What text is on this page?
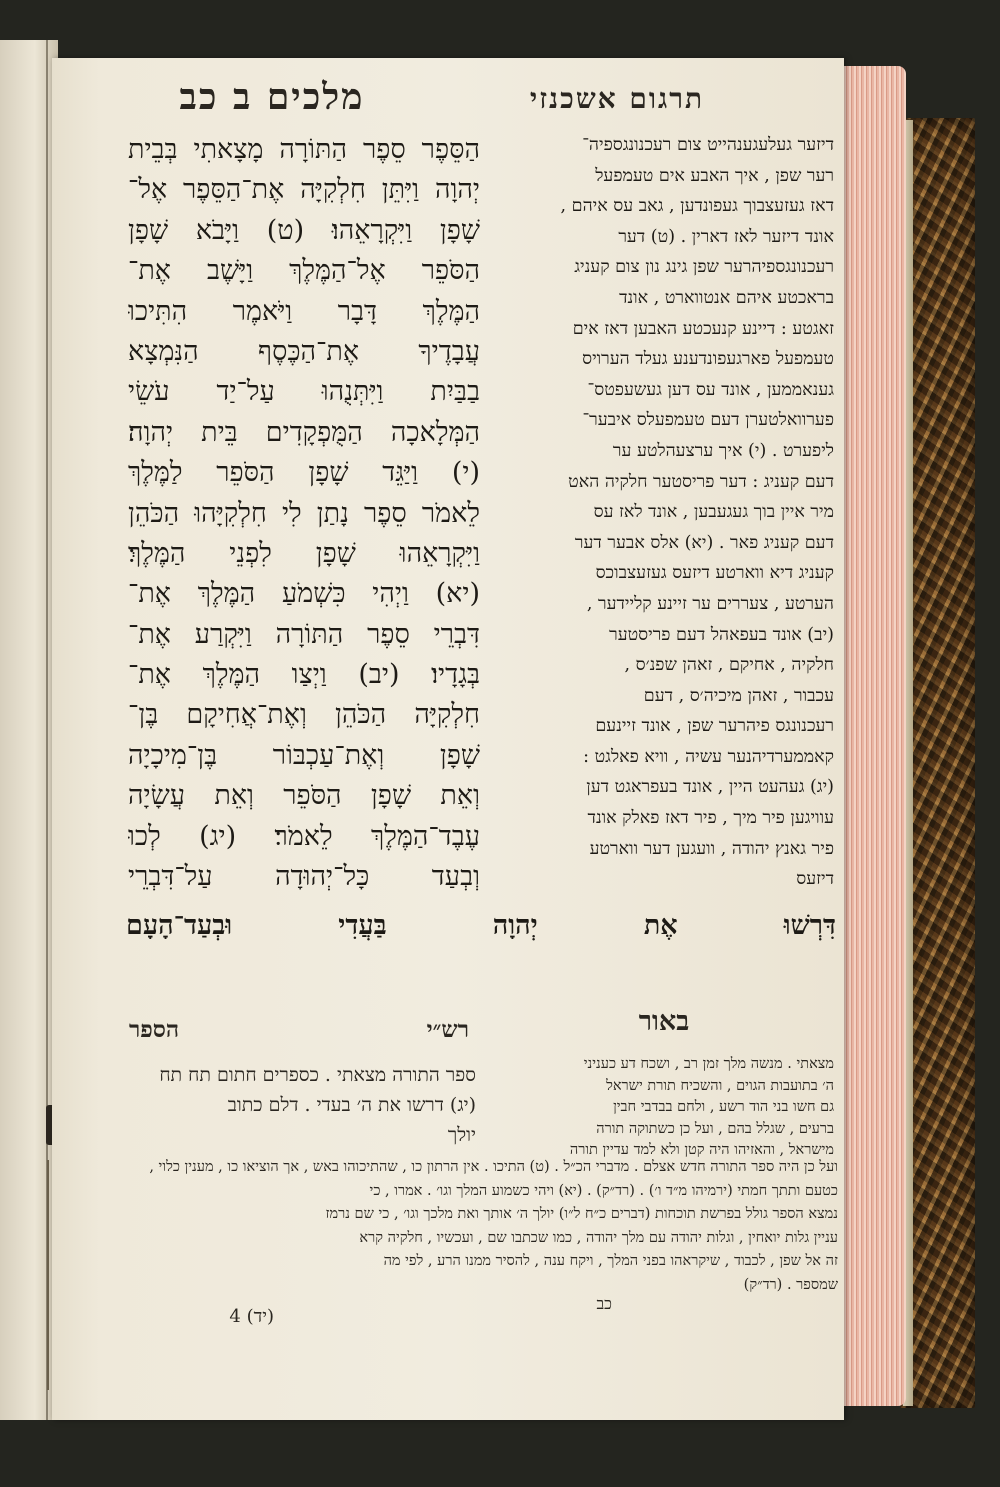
תרגום אשכנזי
מלכים ב כב
הַסֵּפֶר סֵפֶר הַתּוֹרָה מָצָאתִי בְּבֵית
יְהוָה וַיִּתֵּן חִלְקִיָּה אֶת־הַסֵּפֶר אֶל־
שָׁפָן וַיִּקְרָאֵהוּ׃ (ט) וַיָּבֹא שָׁפָן
הַסֹּפֵר אֶל־הַמֶּלֶךְ וַיָּשֶׁב אֶת־
הַמֶּלֶךְ דָּבָר וַיֹּאמֶר הִתִּיכוּ
עֲבָדֶיךָ אֶת־הַכֶּסֶף הַנִּמְצָא
בַבַּיִת וַיִּתְּנֻהוּ עַל־יַד עֹשֵׂי
הַמְּלָאכָה הַמֻּפְקָדִים בֵּית יְהוָה׃
(י) וַיַּגֵּד שָׁפָן הַסֹּפֵר לַמֶּלֶךְ
לֵאמֹר סֵפֶר נָתַן לִי חִלְקִיָּהוּ הַכֹּהֵן
וַיִּקְרָאֵהוּ שָׁפָן לִפְנֵי הַמֶּלֶךְ׃
(יא) וַיְהִי כִּשְׁמֹעַ הַמֶּלֶךְ אֶת־
דִּבְרֵי סֵפֶר הַתּוֹרָה וַיִּקְרַע אֶת־
בְּגָדָיו׃ (יב) וַיְצַו הַמֶּלֶךְ אֶת־
חִלְקִיָּה הַכֹּהֵן וְאֶת־אֲחִיקָם בֶּן־
שָׁפָן וְאֶת־עַכְבּוֹר בֶּן־מִיכָיָה
וְאֵת שָׁפָן הַסֹּפֵר וְאֵת עֲשָׂיָה
עֶבֶד־הַמֶּלֶךְ לֵאמֹר׃ (יג) לְכוּ
וְבְעַד כָּל־יְהוּדָה עַל־דִּבְרֵי
דיזער געלעגענהייט צום רעכנונגספיה־
רער שפן , איך האבע אים טעמפעל
דאז געזעצבוך געפונדען , גאב עס איהם ,
אונד דיזער לאז דארין . (ט) דער
רעכנונגספיהרער שפן גינג נון צום קעניג
בראכטע איהם אנטווארט , אונד
זאגטע : דיינע קנעכטע האבען דאז אים
טעמפעל פארגעפונדענע געלד הערויס
גענאממען , אונד עס דען געשעפטס־
פערוואלטערן דעם טעמפעלס איבער־
ליפערט . (י) איך ערצעהלטע ער
דעם קעניג : דער פריסטער חלקיה האט
מיר איין בוך געגעבען , אונד לאז עס
דעם קעניג פאר . (יא) אלס אבער דער
קעניג דיא ווארטע דיזעס געזעצבוכס
הערטע , צעררים ער זיינע קליידער ,
(יב) אונד בעפאהל דעם פריסטער
חלקיה , אחיקם , זאהן שפנ׳ס ,
עכבור , זאהן מיכיה׳ס , דעם
רעכנונגס פיהרער שפן , אונד זיינעם
קאממערדיהנער עשיה , וויא פאלגט :
(יג) געהעט היין , אונד בעפראגט דען
עוויגען פיר מיך , פיר דאז פאלק אונד
פיר גאנץ יהודה , וועגען דער ווארטע
דיזעס
דִּרְשׁוּ אֶת יְהוָה בַּעֲדִי וּבְעַד־הָעָם
רש״י
הספר	באור
ספר התורה מצאתי . כספרים חתום תח תח
(יג) דרשו את ה׳ בעדי . דלם כתוב
יולך
מצאתי . מנשה מלך זמן רב , ושכח דע כעניני
ה׳ בתועבות הגוים , והשכיח תורת ישראל
גם חשו בני הוד רשע , ולחם בבדבי חבין
ברעים , שגלל בהם , ועל כן כשתוקה תורה
מישראל , והאזיהו היה קטן ולא למד עדיין תורה
ועל כן היה ספר התורה חדש אצלם . מדברי הכ״ל . (ט) התיכו . אין הרתון כו , שהתיכוהו באש , אך הוציאו כו , מענין כלוי ,
כטעם ותתך חמתי (ירמיהו מ״ד ו׳) . (רד״ק) . (יא) ויהי כשמוע המלך וגו׳ . אמרו , כי
נמצא הספר גולל בפרשת תוכחות (דברים כ״ח ל״ו) יולך ה׳ אותך ואת מלכך וגו׳ , כי שם נרמז
עניין גלות יואחין , וגלות יהודה עם מלך יהודה , כמו שכתבו שם , ועכשיו , חלקיה קרא
זה אל שפן , לכבוד , שיקראהו בפני המלך , ויקח ענה , להסיר ממנו הרע , לפי מה
שמספר . (רד״ק)
(יד) 4
כב
